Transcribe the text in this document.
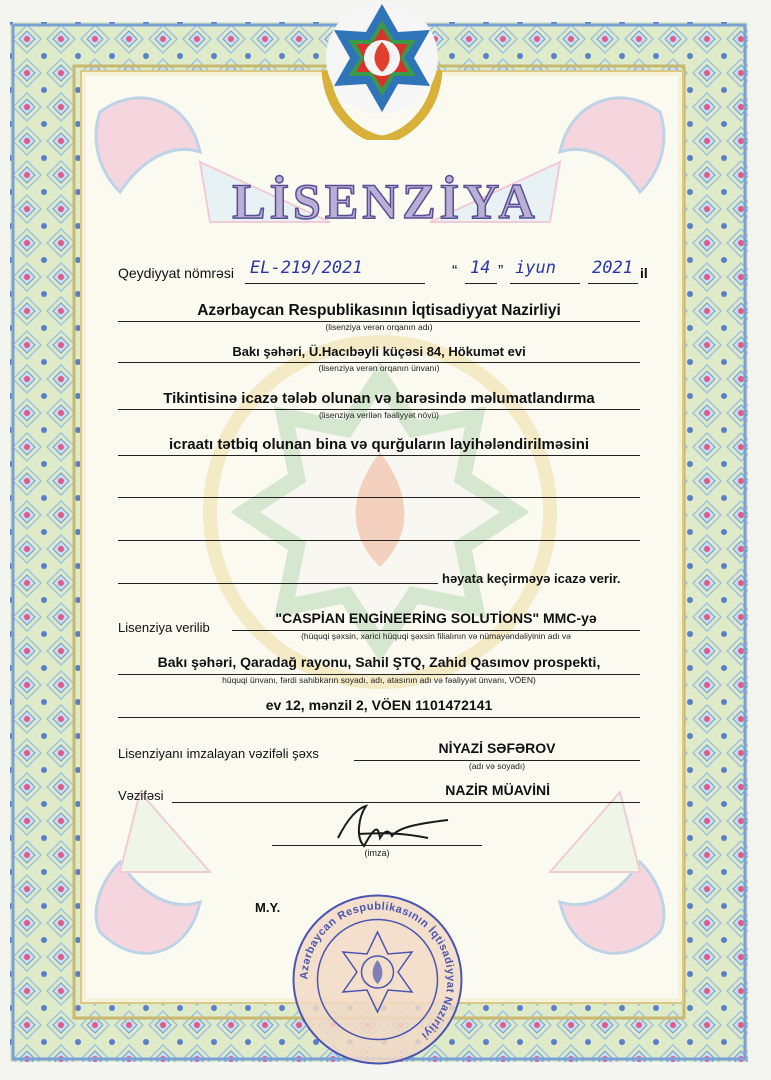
LİSENZİYA
Qeydiyyat nömrəsi EL-219/2021	“ 14 ” iyun 2021 il
Azərbaycan Respublikasının İqtisadiyyat Nazirliyi
(lisenziya verən orqanın adı)
Bakı şəhəri, Ü.Hacıbəyli küçəsi 84, Hökumət evi
(lisenziya verən orqanın ünvanı)
Tikintisinə icazə tələb olunan və barəsində məlumatlandırma
(lisenziya verilən fəaliyyət növü)
icraatı tətbiq olunan bina və qurğuların layihələndirilməsini
həyata keçirməyə icazə verir.
Lisenziya verilib
"CASPİAN ENGİNEERİNG SOLUTİONS" MMC-yə
(hüquqi şəxsin, xarici hüquqi şəxsin filialının və nümayəndəliyinin adı və
Bakı şəhəri, Qaradağ rayonu, Sahil ŞTQ, Zahid Qasımov prospekti,
hüquqi ünvanı, fərdi sahibkarın soyadı, adı, atasının adı və fəaliyyət ünvanı, VÖEN)
ev 12, mənzil 2, VÖEN 1101472141
Lisenziyanı imzalayan vəzifəli şəxs	NİYAZİ SƏFƏROV
(adı və soyadı)
Vəzifəsi	NAZİR MÜAVİNİ
(imza)
M.Y.
Azərbaycan Respublikasının İqtisadiyyat Nazirliyi
